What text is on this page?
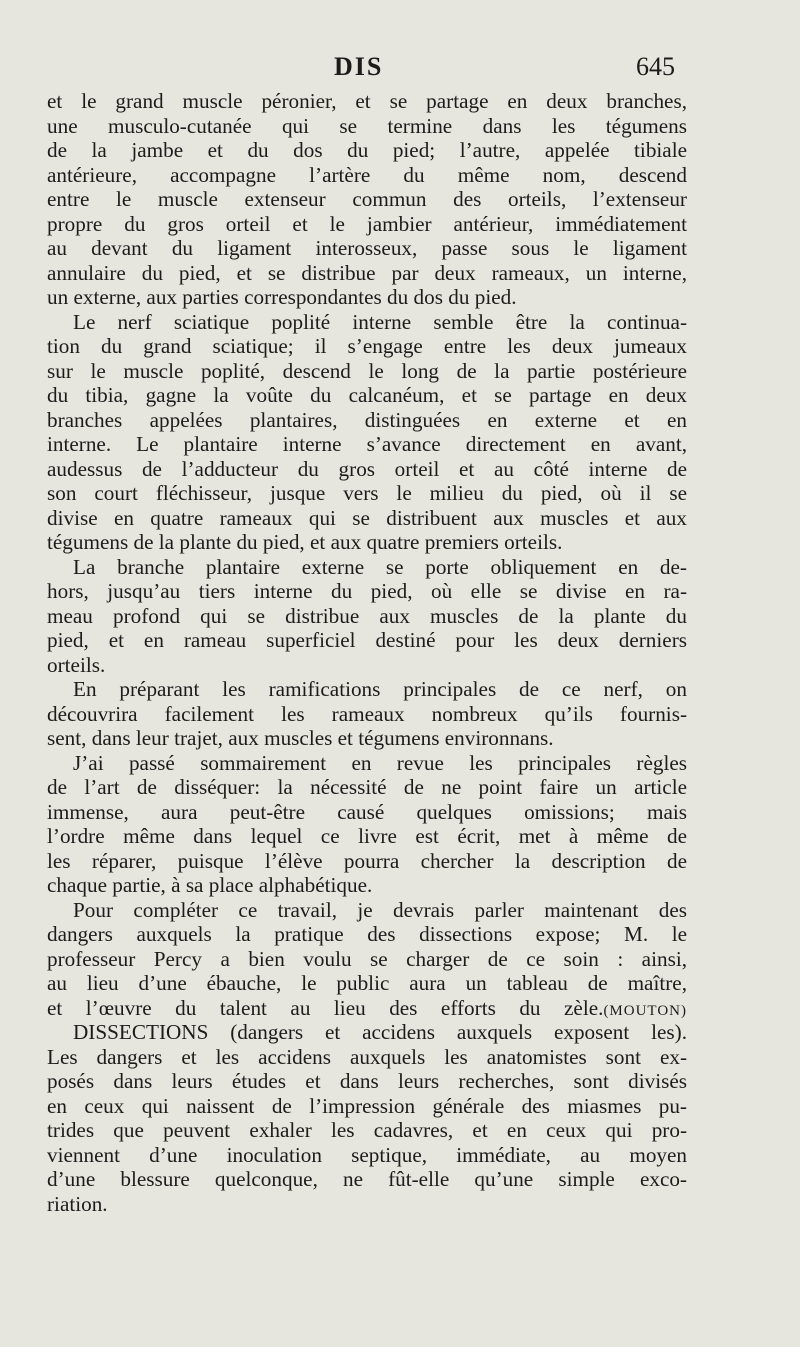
DIS	645
et le grand muscle péronier, et se partage en deux branches,
une musculo-cutanée qui se termine dans les tégumens
de la jambe et du dos du pied; l’autre, appelée tibiale
antérieure, accompagne l’artère du même nom, descend
entre le muscle extenseur commun des orteils, l’extenseur
propre du gros orteil et le jambier antérieur, immédiatement
au devant du ligament interosseux, passe sous le ligament
annulaire du pied, et se distribue par deux rameaux, un interne,
un externe, aux parties correspondantes du dos du pied.
Le nerf sciatique poplité interne semble être la continua-
tion du grand sciatique; il s’engage entre les deux jumeaux
sur le muscle poplité, descend le long de la partie postérieure
du tibia, gagne la voûte du calcanéum, et se partage en deux
branches appelées plantaires, distinguées en externe et en
interne. Le plantaire interne s’avance directement en avant,
audessus de l’adducteur du gros orteil et au côté interne de
son court fléchisseur, jusque vers le milieu du pied, où il se
divise en quatre rameaux qui se distribuent aux muscles et aux
tégumens de la plante du pied, et aux quatre premiers orteils.
La branche plantaire externe se porte obliquement en de-
hors, jusqu’au tiers interne du pied, où elle se divise en ra-
meau profond qui se distribue aux muscles de la plante du
pied, et en rameau superficiel destiné pour les deux derniers
orteils.
En préparant les ramifications principales de ce nerf, on
découvrira facilement les rameaux nombreux qu’ils fournis-
sent, dans leur trajet, aux muscles et tégumens environnans.
J’ai passé sommairement en revue les principales règles
de l’art de disséquer: la nécessité de ne point faire un article
immense, aura peut-être causé quelques omissions; mais
l’ordre même dans lequel ce livre est écrit, met à même de
les réparer, puisque l’élève pourra chercher la description de
chaque partie, à sa place alphabétique.
Pour compléter ce travail, je devrais parler maintenant des
dangers auxquels la pratique des dissections expose; M. le
professeur Percy a bien voulu se charger de ce soin : ainsi,
au lieu d’une ébauche, le public aura un tableau de maître,
et l’œuvre du talent au lieu des efforts du zèle.(MOUTON)
DISSECTIONS (dangers et accidens auxquels exposent les).
Les dangers et les accidens auxquels les anatomistes sont ex-
posés dans leurs études et dans leurs recherches, sont divisés
en ceux qui naissent de l’impression générale des miasmes pu-
trides que peuvent exhaler les cadavres, et en ceux qui pro-
viennent d’une inoculation septique, immédiate, au moyen
d’une blessure quelconque, ne fût-elle qu’une simple exco-
riation.
